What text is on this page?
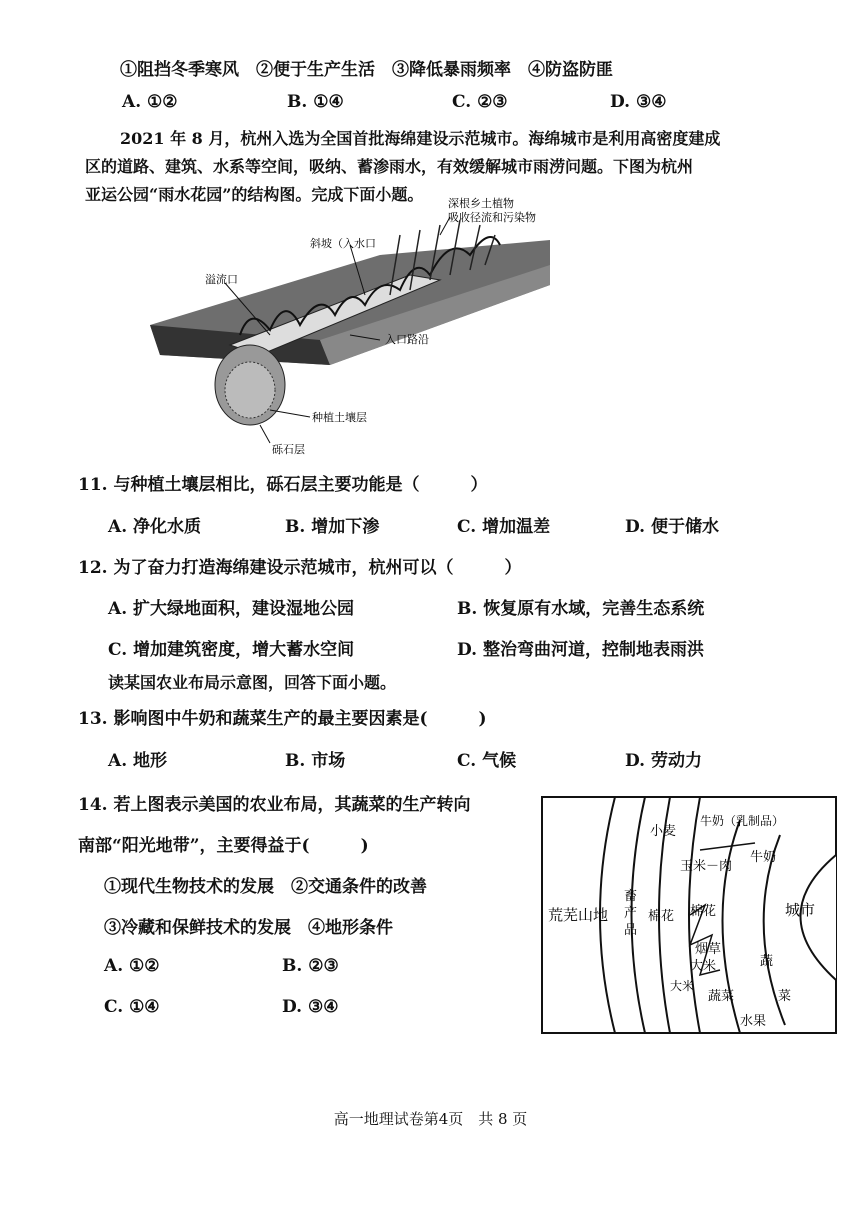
①阻挡冬季寒风　②便于生产生活　③降低暴雨频率　④防盗防匪
A. ①②	B. ①④	C. ②③	D. ③④
2021 年 8 月，杭州入选为全国首批海绵建设示范城市。海绵城市是利用高密度建成
区的道路、建筑、水系等空间，吸纳、蓄渗雨水，有效缓解城市雨涝问题。下图为杭州
亚运公园“雨水花园”的结构图。完成下面小题。 深根乡土植物
吸收径流和污染物
斜坡（入水口
溢流口
入口路沿
种植土壤层
砾石层
11. 与种植土壤层相比，砾石层主要功能是（　　　）
A. 净化水质	B. 增加下渗	C. 增加温差	D. 便于储水
12. 为了奋力打造海绵建设示范城市，杭州可以（　　　）
A. 扩大绿地面积，建设湿地公园	B. 恢复原有水域，完善生态系统
C. 增加建筑密度，增大蓄水空间	D. 整治弯曲河道，控制地表雨洪
读某国农业布局示意图，回答下面小题。
13. 影响图中牛奶和蔬菜生产的最主要因素是(　　　)
A. 地形	B. 市场	C. 气候	D. 劳动力
14. 若上图表示美国的农业布局，其蔬菜的生产转向
南部“阳光地带”，主要得益于(　　　)
①现代生物技术的发展　②交通条件的改善
③冷藏和保鲜技术的发展　④地形条件
A. ①②	B. ②③
C. ①④	D. ③④
荒芜山地
畜
产
品
小麦
棉花
牛奶（乳制品）
玉米－肉
棉花
烟草
大米
大米
蔬菜
水果
牛奶
蔬
菜
城市
高一地理试卷第4页　共 8 页
